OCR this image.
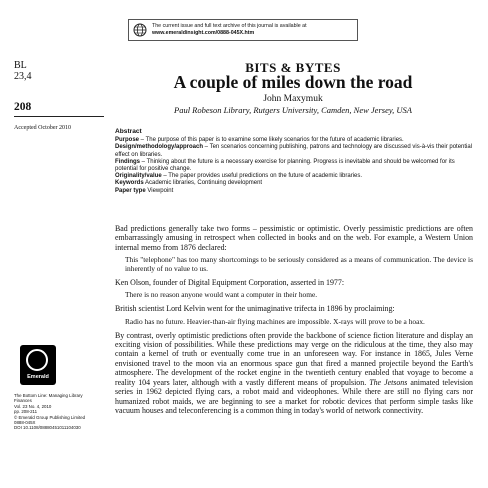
The current issue and full text archive of this journal is available at
www.emeraldinsight.com/0888-045X.htm
BL
23,4
208
Accepted October 2010
BITS & BYTES
A couple of miles down the road
John Maxymuk
Paul Robeson Library, Rutgers University, Camden, New Jersey, USA
Abstract

Purpose – The purpose of this paper is to examine some likely scenarios for the future of academic libraries.

Design/methodology/approach – Ten scenarios concerning publishing, patrons and technology are discussed vis-à-vis their potential effect on libraries.

Findings – Thinking about the future is a necessary exercise for planning. Progress is inevitable and should be welcomed for its potential for positive change.

Originality/value – The paper provides useful predictions on the future of academic libraries.

Keywords Academic libraries, Continuing development

Paper type Viewpoint

Bad predictions generally take two forms – pessimistic or optimistic. Overly pessimistic predictions are often embarrassingly amusing in retrospect when collected in books and on the web. For example, a Western Union internal memo from 1876 declared:

This "telephone" has too many shortcomings to be seriously considered as a means of communication. The device is inherently of no value to us.

Ken Olson, founder of Digital Equipment Corporation, asserted in 1977:

There is no reason anyone would want a computer in their home.

British scientist Lord Kelvin went for the unimaginative trifecta in 1896 by proclaiming:

Radio has no future. Heavier-than-air flying machines are impossible. X-rays will prove to be a hoax.

By contrast, overly optimistic predictions often provide the backbone of science fiction literature and display an exciting vision of possibilities. While these predictions may verge on the ridiculous at the time, they also may contain a kernel of truth or eventually come true in an unforeseen way. For instance in 1865, Jules Verne envisioned travel to the moon via an enormous space gun that fired a manned projectile beyond the Earth's atmosphere. The development of the rocket engine in the twentieth century enabled that voyage to become a reality 104 years later, although with a vastly different means of propulsion. The Jetsons animated television series in 1962 depicted flying cars, a robot maid and videophones. While there are still no flying cars nor humanized robot maids, we are beginning to see a market for robotic devices that perform simple tasks like vacuum houses and teleconferencing is a common thing in today's world of network connectivity.

Emerald
The Bottom Line: Managing Library
Finances
Vol. 23 No. 4, 2010
pp. 208-211
© Emerald Group Publishing Limited
0888-045X
DOI 10.1108/08880451011104030
